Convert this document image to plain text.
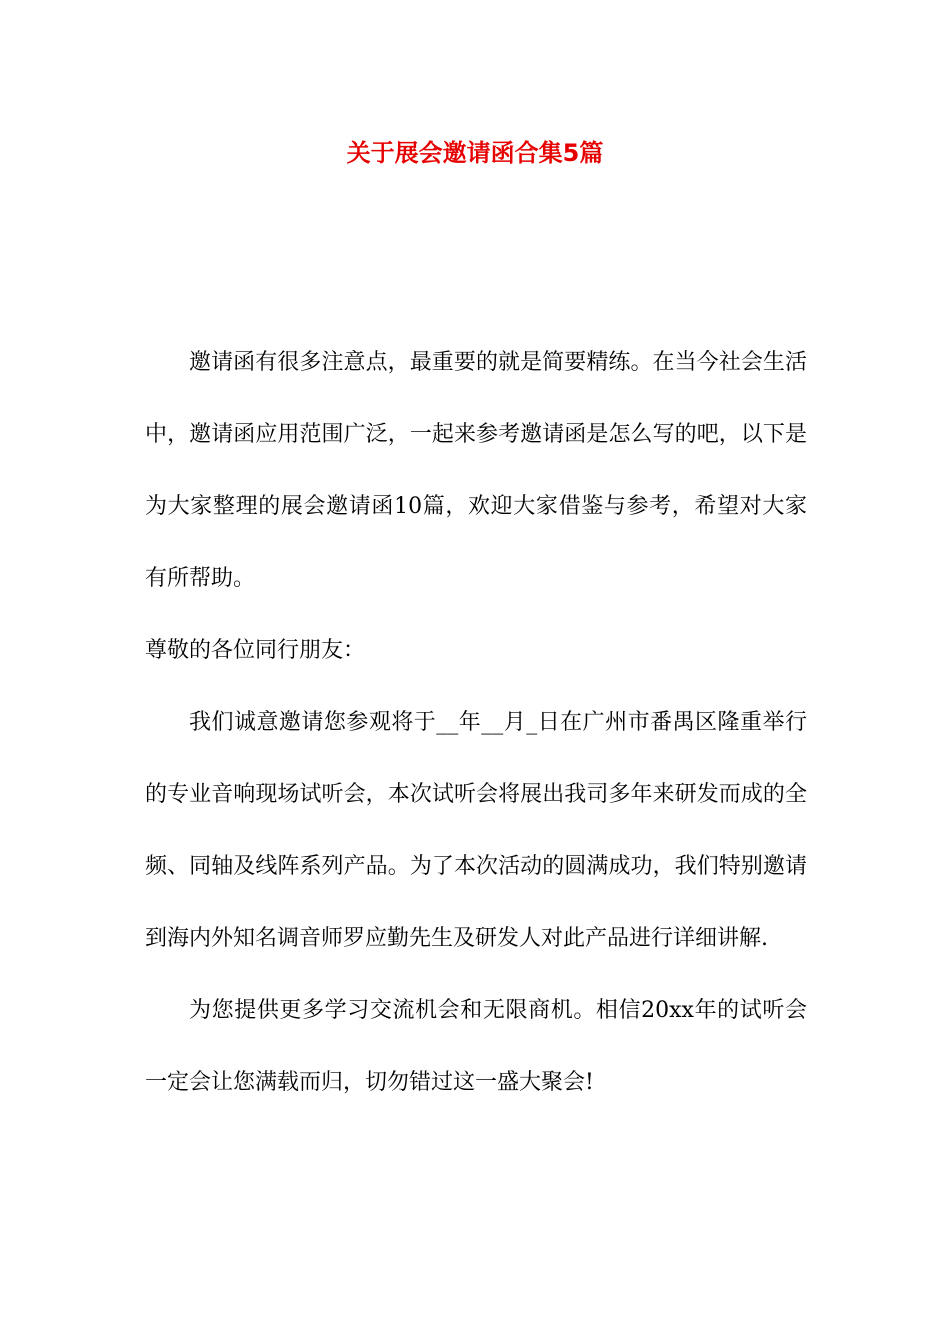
关于展会邀请函合集5篇

邀请函有很多注意点，最重要的就是简要精练。在当今社会生活中，邀请函应用范围广泛，一起来参考邀请函是怎么写的吧，以下是为大家整理的展会邀请函10篇，欢迎大家借鉴与参考，希望对大家有所帮助。

尊敬的各位同行朋友：

我们诚意邀请您参观将于__年__月_日在广州市番禺区隆重举行的专业音响现场试听会，本次试听会将展出我司多年来研发而成的全频、同轴及线阵系列产品。为了本次活动的圆满成功，我们特别邀请到海内外知名调音师罗应勤先生及研发人对此产品进行详细讲解.

为您提供更多学习交流机会和无限商机。相信20xx年的试听会一定会让您满载而归，切勿错过这一盛大聚会!
